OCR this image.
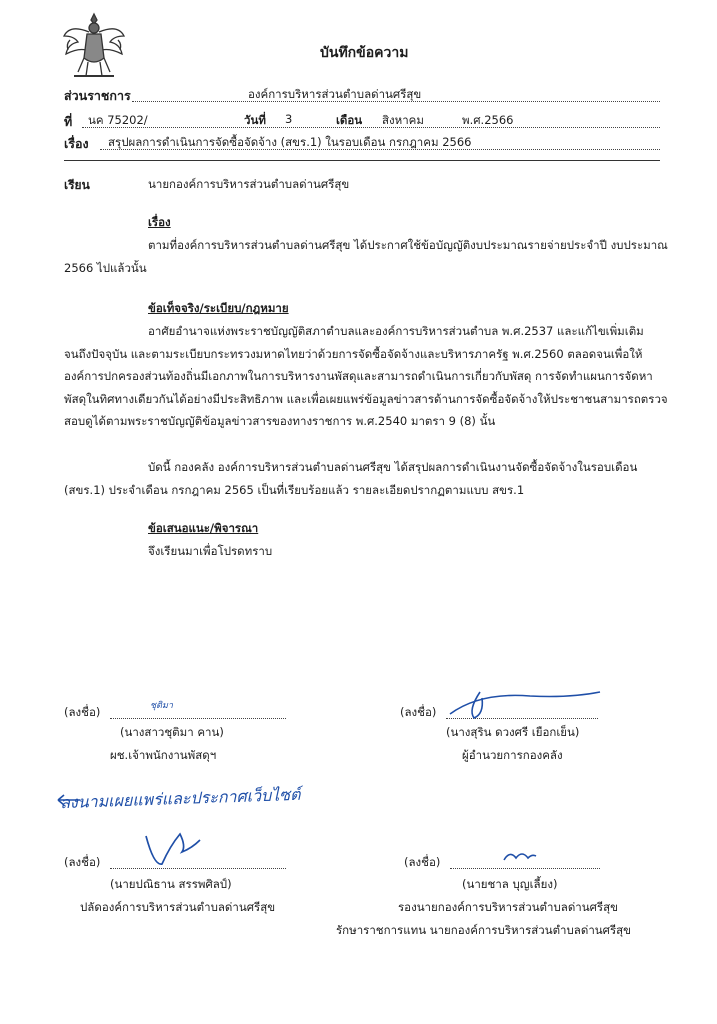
บันทึกข้อความ
ส่วนราชการ	องค์การบริหารส่วนตำบลด่านศรีสุข
ที่ นค 75202/	วันที่ 3	เดือน สิงหาคม	พ.ศ.2566
เรื่อง สรุปผลการดำเนินการจัดซื้อจัดจ้าง (สขร.1) ในรอบเดือน กรกฎาคม 2566
เรียน	นายกองค์การบริหารส่วนตำบลด่านศรีสุข
เรื่อง
ตามที่องค์การบริหารส่วนตำบลด่านศรีสุข ได้ประกาศใช้ข้อบัญญัติงบประมาณรายจ่ายประจำปี งบประมาณ 2566 ไปแล้วนั้น
ข้อเท็จจริง/ระเบียบ/กฎหมาย
อาศัยอำนาจแห่งพระราชบัญญัติสภาตำบลและองค์การบริหารส่วนตำบล พ.ศ.2537 และแก้ไขเพิ่มเติมจนถึงปัจจุบัน และตามระเบียบกระทรวงมหาดไทยว่าด้วยการจัดซื้อจัดจ้างและบริหารภาครัฐ พ.ศ.2560 ตลอดจนเพื่อให้องค์การปกครองส่วนท้องถิ่นมีเอกภาพในการบริหารงานพัสดุและสามารถดำเนินการเกี่ยวกับพัสดุ การจัดทำแผนการจัดหาพัสดุในทิศทางเดียวกันได้อย่างมีประสิทธิภาพ และเพื่อเผยแพร่ข้อมูลข่าวสารด้านการจัดซื้อจัดจ้างให้ประชาชนสามารถตรวจสอบดูได้ตามพระราชบัญญัติข้อมูลข่าวสารของทางราชการ พ.ศ.2540 มาตรา 9 (8) นั้น
บัดนี้ กองคลัง องค์การบริหารส่วนตำบลด่านศรีสุข ได้สรุปผลการดำเนินงานจัดซื้อจัดจ้างในรอบเดือน (สขร.1) ประจำเดือน กรกฎาคม 2565 เป็นที่เรียบร้อยแล้ว รายละเอียดปรากฏตามแบบ สขร.1
ข้อเสนอแนะ/พิจารณา
จึงเรียนมาเพื่อโปรดทราบ
(ลงชื่อ)	ชุติมา
(นางสาวชุติมา คาน)
ผช.เจ้าพนักงานพัสดุฯ
(ลงชื่อ)
(นางสุริน ดวงศรี เยือกเย็น)
ผู้อำนวยการกองคลัง
ลงนามเผยแพร่และประกาศเว็บไซต์
(ลงชื่อ)
(นายปณิธาน สรรพศิลป์)
ปลัดองค์การบริหารส่วนตำบลด่านศรีสุข
(ลงชื่อ)
(นายชาล บุญเลี้ยง)
รองนายกองค์การบริหารส่วนตำบลด่านศรีสุข
รักษาราชการแทน นายกองค์การบริหารส่วนตำบลด่านศรีสุข
